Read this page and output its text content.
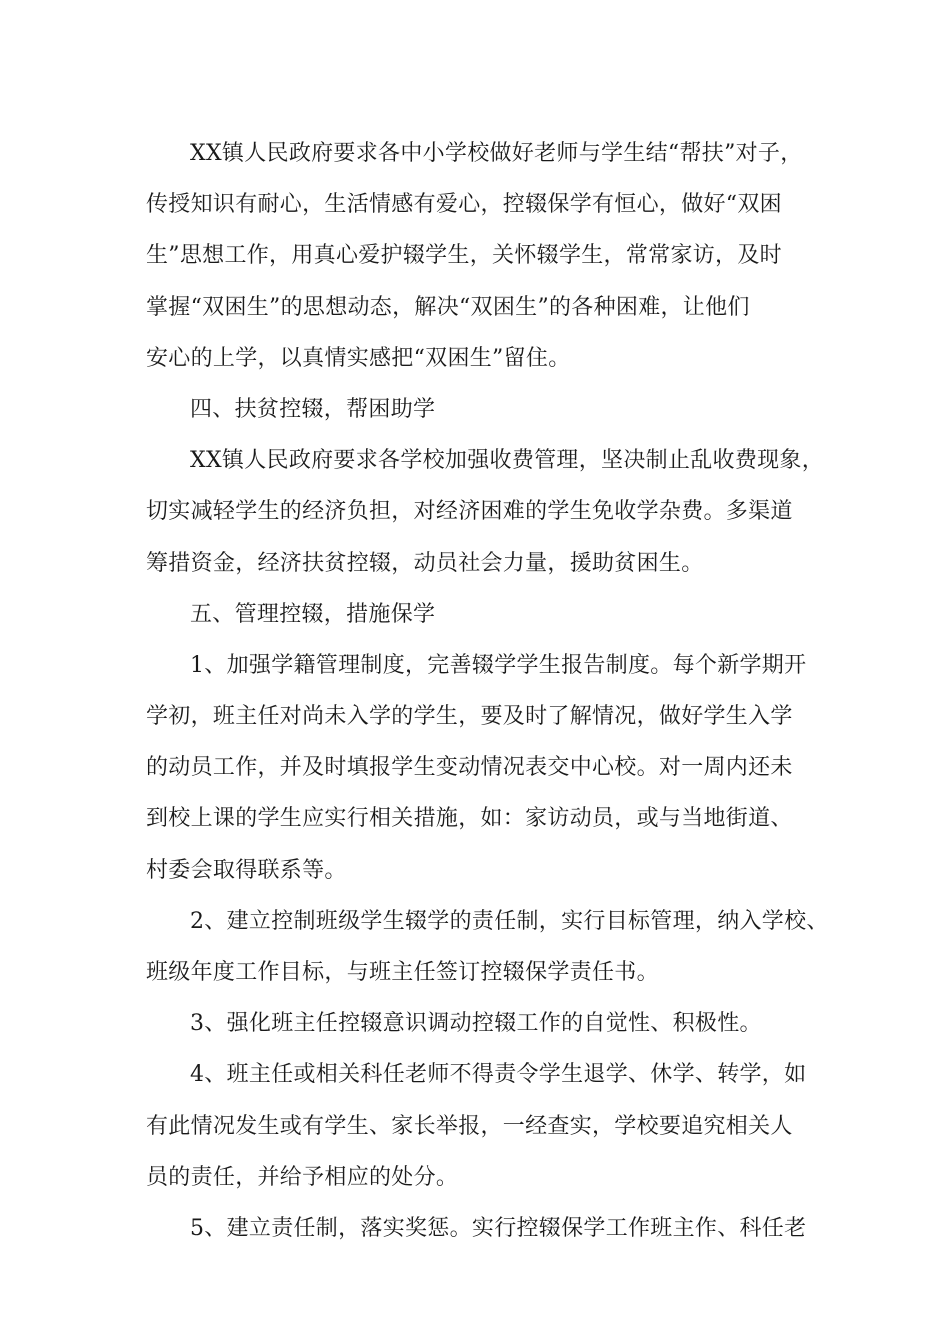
XX镇人民政府要求各中小学校做好老师与学生结“帮扶”对子，
传授知识有耐心，生活情感有爱心，控辍保学有恒心，做好“双困
生”思想工作，用真心爱护辍学生，关怀辍学生，常常家访，及时
掌握“双困生”的思想动态，解决“双困生”的各种困难，让他们
安心的上学，以真情实感把“双困生”留住。
四、扶贫控辍，帮困助学
XX镇人民政府要求各学校加强收费管理，坚决制止乱收费现象，
切实减轻学生的经济负担，对经济困难的学生免收学杂费。多渠道
筹措资金，经济扶贫控辍，动员社会力量，援助贫困生。
五、管理控辍，措施保学
1、加强学籍管理制度，完善辍学学生报告制度。每个新学期开
学初，班主任对尚未入学的学生，要及时了解情况，做好学生入学
的动员工作，并及时填报学生变动情况表交中心校。对一周内还未
到校上课的学生应实行相关措施，如：家访动员，或与当地街道、
村委会取得联系等。
2、建立控制班级学生辍学的责任制，实行目标管理，纳入学校、
班级年度工作目标，与班主任签订控辍保学责任书。
3、强化班主任控辍意识调动控辍工作的自觉性、积极性。
4、班主任或相关科任老师不得责令学生退学、休学、转学，如
有此情况发生或有学生、家长举报，一经查实，学校要追究相关人
员的责任，并给予相应的处分。
5、建立责任制，落实奖惩。实行控辍保学工作班主作、科任老
